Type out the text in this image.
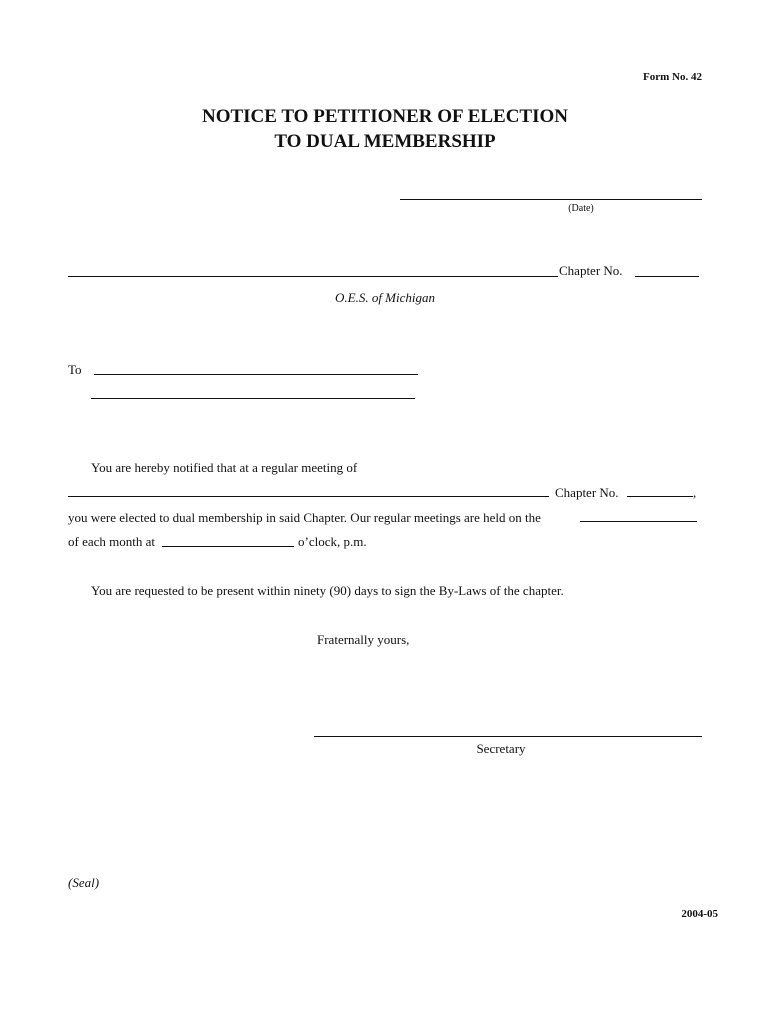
Form No. 42
NOTICE TO PETITIONER OF ELECTION
TO DUAL MEMBERSHIP
(Date)
Chapter No.
O.E.S. of Michigan
To
You are hereby notified that at a regular meeting of
Chapter No.	,
you were elected to dual membership in said Chapter. Our regular meetings are held on the
of each month at	o’clock, p.m.
You are requested to be present within ninety (90) days to sign the By-Laws of the chapter.
Fraternally yours,
Secretary
(Seal)
2004-05
